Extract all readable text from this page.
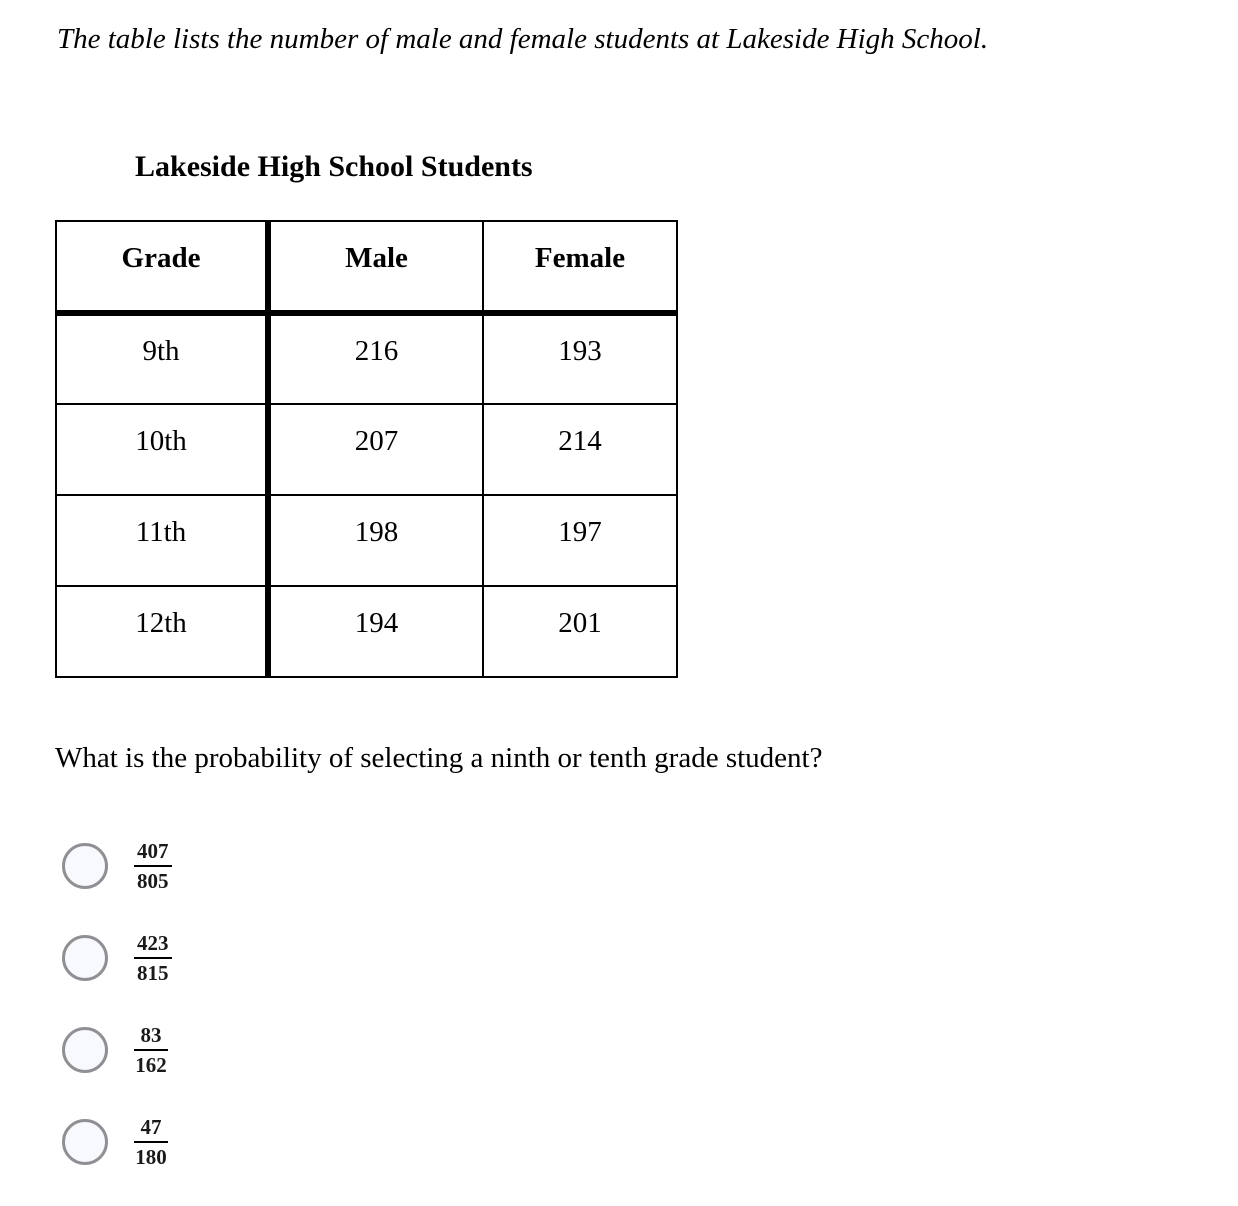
The table lists the number of male and female students at Lakeside High School.

Lakeside High School Students
Grade	Male	Female
9th	216	193
10th	207	214
11th	198	197
12th	194	201

What is the probability of selecting a ninth or tenth grade student?

$\frac{407}{805}$
$\frac{423}{815}$
$\frac{83}{162}$
$\frac{47}{180}$
